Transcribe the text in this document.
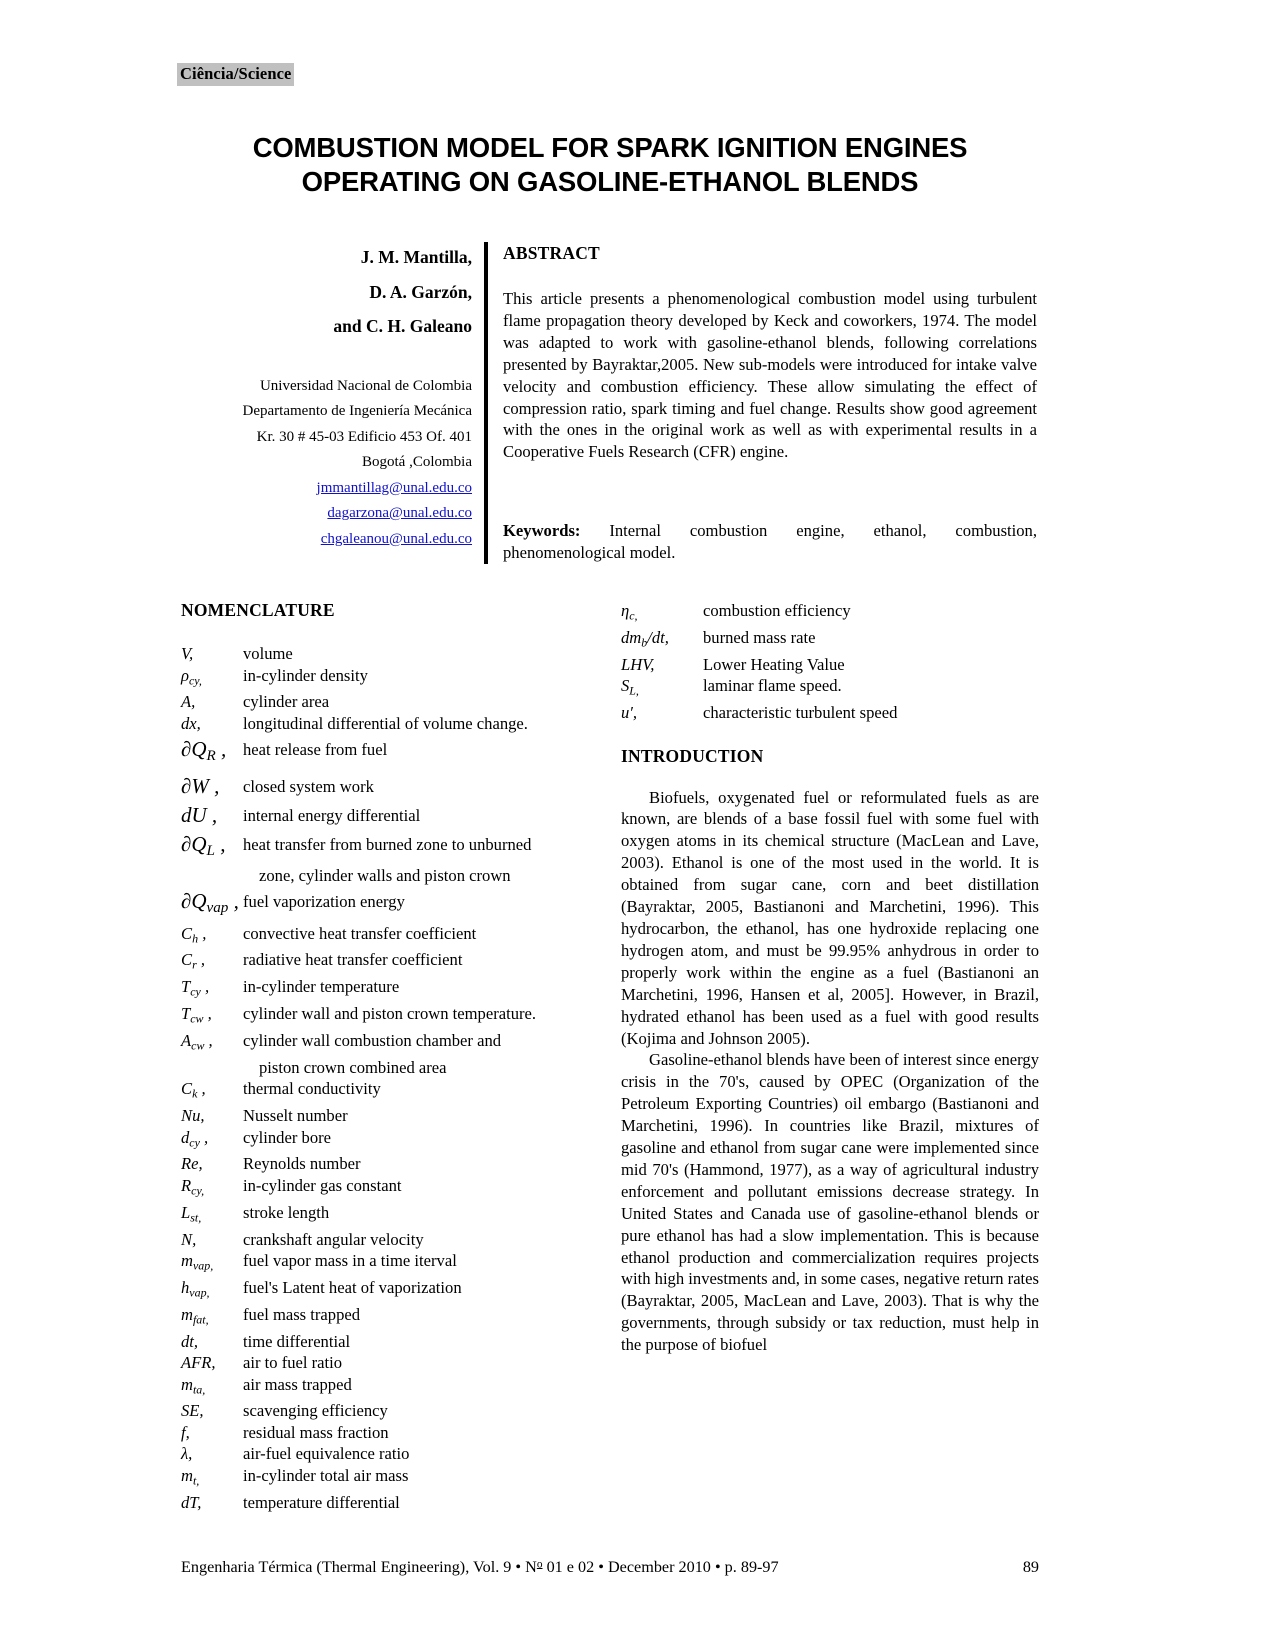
Ciência/Science
COMBUSTION MODEL FOR SPARK IGNITION ENGINES
OPERATING ON GASOLINE-ETHANOL BLENDS
J. M. Mantilla,
D. A. Garzón,
and C. H. Galeano
Universidad Nacional de Colombia
Departamento de Ingeniería Mecánica
Kr. 30 # 45-03 Edificio 453 Of. 401
Bogotá ,Colombia
jmmantillag@unal.edu.co
dagarzona@unal.edu.co
chgaleanou@unal.edu.co
ABSTRACT
This article presents a phenomenological combustion model using turbulent flame propagation theory developed by Keck and coworkers, 1974. The model was adapted to work with gasoline-ethanol blends, following correlations presented by Bayraktar,2005. New sub-models were introduced for intake valve velocity and combustion efficiency. These allow simulating the effect of compression ratio, spark timing and fuel change. Results show good agreement with the ones in the original work as well as with experimental results in a Cooperative Fuels Research (CFR) engine.
Keywords: Internal combustion engine, ethanol, combustion, phenomenological model.
NOMENCLATURE
V,	volume
$\rho_{cy,}$	in-cylinder density
A,	cylinder area
dx,	longitudinal differential of volume change.
$\partial Q_R$ ,	heat release from fuel
∂W ,	closed system work
dU ,	internal energy differential
$\partial Q_L$ ,	heat transfer from burned zone to unburned
zone, cylinder walls and piston crown
$\partial Q_{vap}$ , fuel vaporization energy
$C_h$ ,	convective heat transfer coefficient
$C_r$ ,	radiative heat transfer coefficient
$T_{cy}$ ,	in-cylinder temperature
$T_{cw}$ ,	cylinder wall and piston crown temperature.
$A_{cw}$ ,	cylinder wall combustion chamber and
piston crown combined area
$C_k$ ,	thermal conductivity
Nu,	Nusselt number
$d_{cy}$ ,	cylinder bore
Re,	Reynolds number
$R_{cy,}$	in-cylinder gas constant
$L_{st,}$	stroke length
N,	crankshaft angular velocity
$m_{vap,}$	fuel vapor mass in a time iterval
$h_{vap,}$	fuel's Latent heat of vaporization
$m_{fat,}$	fuel mass trapped
dt,	time differential
AFR,	air to fuel ratio
$m_{ta,}$	air mass trapped
SE,	scavenging efficiency
f,	residual mass fraction
λ,	air-fuel equivalence ratio
$m_{t,}$	in-cylinder total air mass
dT,	temperature differential
$\eta_{c,}$	combustion efficiency
$dm_b/dt$,	burned mass rate
LHV,	Lower Heating Value
$S_{L,}$	laminar flame speed.
u′,	characteristic turbulent speed
INTRODUCTION

Biofuels, oxygenated fuel or reformulated fuels as are known, are blends of a base fossil fuel with some fuel with oxygen atoms in its chemical structure (MacLean and Lave, 2003). Ethanol is one of the most used in the world. It is obtained from sugar cane, corn and beet distillation (Bayraktar, 2005, Bastianoni and Marchetini, 1996). This hydrocarbon, the ethanol, has one hydroxide replacing one hydrogen atom, and must be 99.95% anhydrous in order to properly work within the engine as a fuel (Bastianoni an Marchetini, 1996, Hansen et al, 2005]. However, in Brazil, hydrated ethanol has been used as a fuel with good results (Kojima and Johnson 2005).

Gasoline-ethanol blends have been of interest since energy crisis in the 70's, caused by OPEC (Organization of the Petroleum Exporting Countries) oil embargo (Bastianoni and Marchetini, 1996). In countries like Brazil, mixtures of gasoline and ethanol from sugar cane were implemented since mid 70's (Hammond, 1977), as a way of agricultural industry enforcement and pollutant emissions decrease strategy. In United States and Canada use of gasoline-ethanol blends or pure ethanol has had a slow implementation. This is because ethanol production and commercialization requires projects with high investments and, in some cases, negative return rates (Bayraktar, 2005, MacLean and Lave, 2003). That is why the governments, through subsidy or tax reduction, must help in the purpose of biofuel

Engenharia Térmica (Thermal Engineering), Vol. 9 • $N^o$ 01 e 02 • December 2010 • p. 89-97	89
